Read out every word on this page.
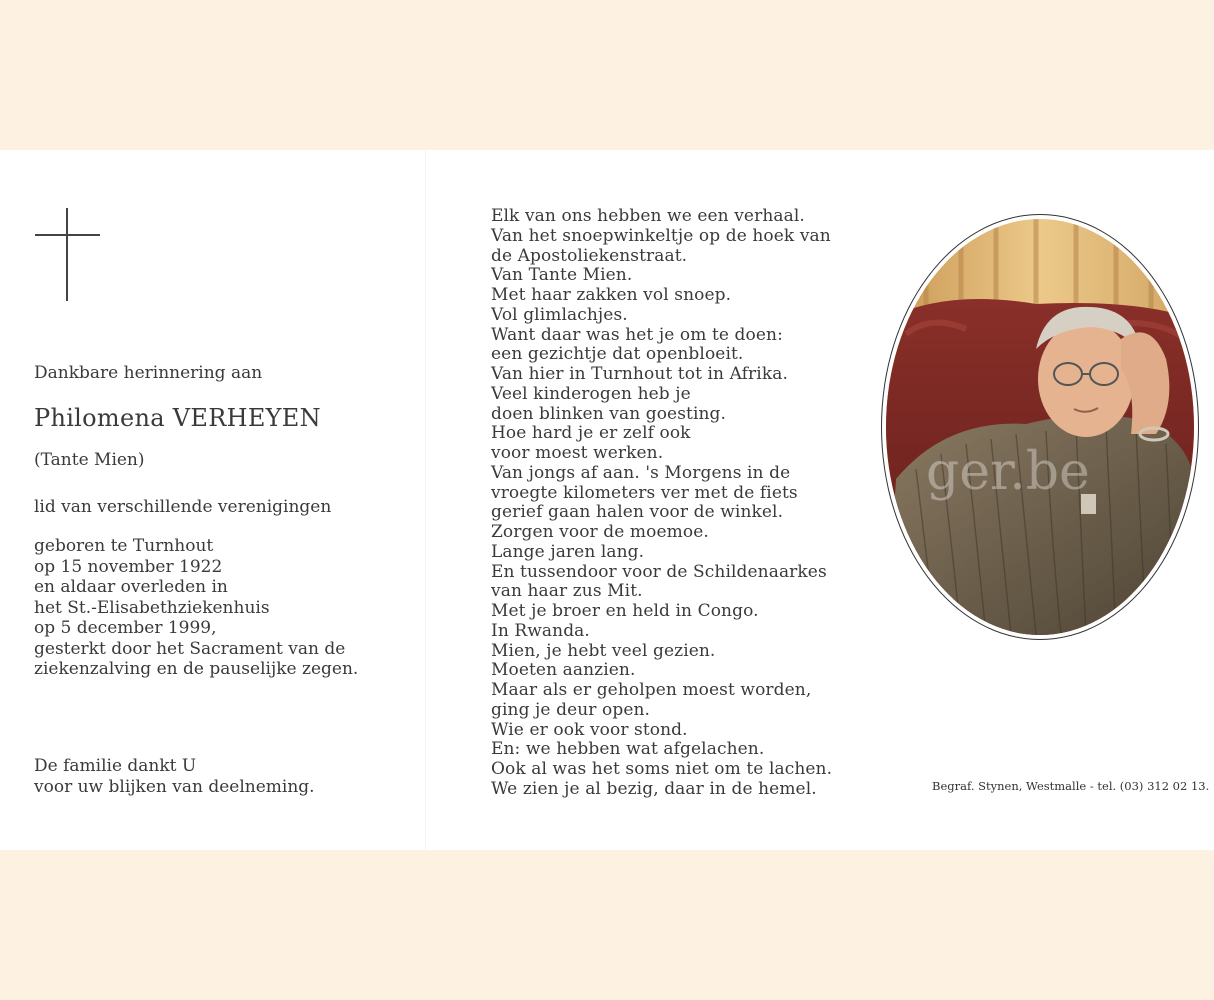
Dankbare herinnering aan
Philomena VERHEYEN
(Tante Mien)
lid van verschillende verenigingen
geboren te Turnhout
op 15 november 1922
en aldaar overleden in
het St.-Elisabethziekenhuis
op 5 december 1999,
gesterkt door het Sacrament van de
ziekenzalving en de pauselijke zegen.
De familie dankt U
voor uw blijken van deelneming.
Elk van ons hebben we een verhaal.
Van het snoepwinkeltje op de hoek van
de Apostoliekenstraat.
Van Tante Mien.
Met haar zakken vol snoep.
Vol glimlachjes.
Want daar was het je om te doen:
een gezichtje dat openbloeit.
Van hier in Turnhout tot in Afrika.
Veel kinderogen heb je
doen blinken van goesting.
Hoe hard je er zelf ook
voor moest werken.
Van jongs af aan. 's Morgens in de
vroegte kilometers ver met de fiets
gerief gaan halen voor de winkel.
Zorgen voor de moemoe.
Lange jaren lang.
En tussendoor voor de Schildenaarkes
van haar zus Mit.
Met je broer en held in Congo.
In Rwanda.
Mien, je hebt veel gezien.
Moeten aanzien.
Maar als er geholpen moest worden,
ging je deur open.
Wie er ook voor stond.
En: we hebben wat afgelachen.
Ook al was het soms niet om te lachen.
We zien je al bezig, daar in de hemel.
ger.be
Begraf. Stynen, Westmalle - tel. (03) 312 02 13.
